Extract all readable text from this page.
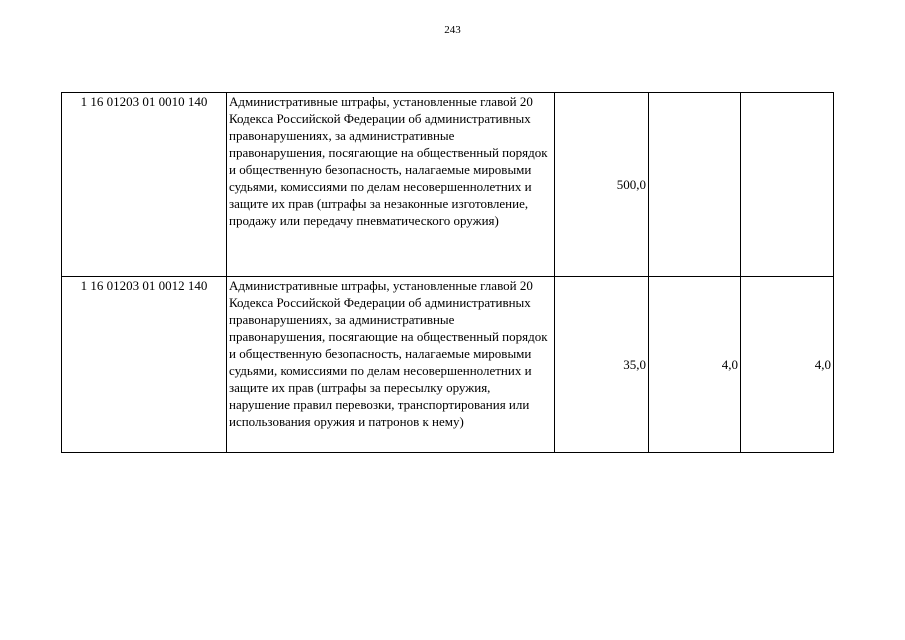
243
1 16 01203 01 0010 140	Административные штрафы, установленные главой 20 Кодекса Российской Федерации об административных правонарушениях, за административные правонарушения, посягающие на общественный порядок и общественную безопасность, налагаемые мировыми судьями, комиссиями по делам несовершеннолетних и защите их прав (штрафы за незаконные изготовление, продажу или передачу пневматического оружия)	500,0		
1 16 01203 01 0012 140	Административные штрафы, установленные главой 20 Кодекса Российской Федерации об административных правонарушениях, за административные правонарушения, посягающие на общественный порядок и общественную безопасность, налагаемые мировыми судьями, комиссиями по делам несовершеннолетних и защите их прав (штрафы за пересылку оружия, нарушение правил перевозки, транспортирования или использования оружия и патронов к нему)	35,0	4,0	4,0
